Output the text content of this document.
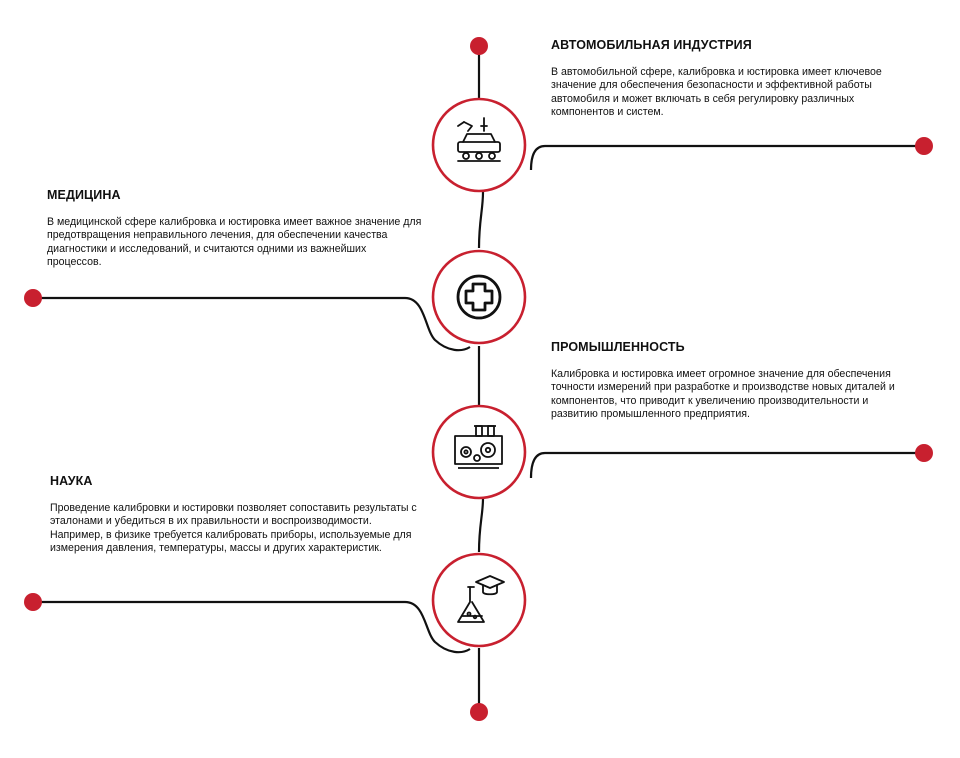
АВТОМОБИЛЬНАЯ ИНДУСТРИЯ

В автомобильной сфере, калибровка и юстировка имеет ключевое значение для обеспечения безопасности и эффективной работы автомобиля и может включать в себя регулировку различных компонентов и систем.

МЕДИЦИНА

В медицинской сфере калибровка и юстировка имеет важное значение для предотвращения неправильного лечения, для обеспечении качества диагностики и исследований, и считаются одними из важнейших процессов.

ПРОМЫШЛЕННОСТЬ

Калибровка и юстировка имеет огромное значение для обеспечения точности измерений при разработке и производстве новых диталей и компонентов, что приводит к увеличению производительности и развитию промышленного предприятия.

НАУКА

Проведение калибровки и юстировки позволяет сопоставить результаты с эталонами и убедиться в их правильности и воспроизводимости.

Например, в физике требуется калибровать приборы, используемые для измерения давления, температуры, массы и других характеристик.
